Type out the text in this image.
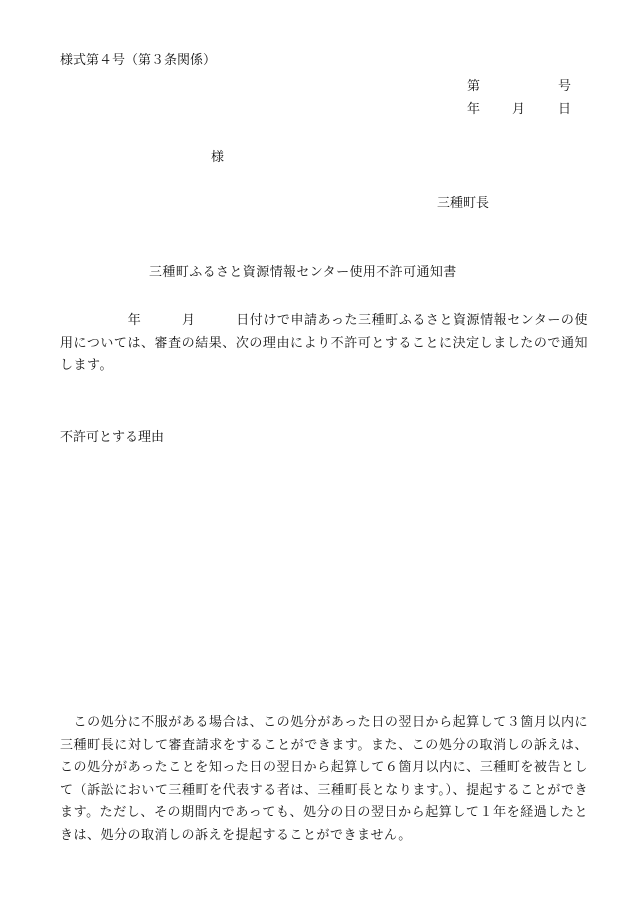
様式第４号（第３条関係）
第	号
年 月	日
様
三種町長
三種町ふるさと資源情報センター使用不許可通知書
　　　　　年　　　月　　　日付けで申請あった三種町ふるさと資源情報センターの使用については、審査の結果、次の理由により不許可とすることに決定しましたので通知します。
不許可とする理由
　この処分に不服がある場合は、この処分があった日の翌日から起算して３箇月以内に三種町長に対して審査請求をすることができます。また、この処分の取消しの訴えは、この処分があったことを知った日の翌日から起算して６箇月以内に、三種町を被告として（訴訟において三種町を代表する者は、三種町長となります。）、提起することができます。ただし、その期間内であっても、処分の日の翌日から起算して１年を経過したときは、処分の取消しの訴えを提起することができません。
